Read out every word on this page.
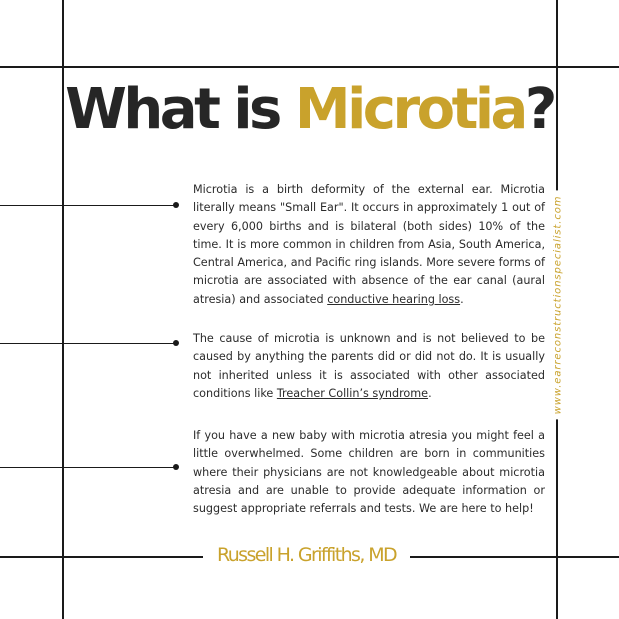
What is Microtia?

Microtia is a birth deformity of the external ear. Microtia literally means "Small Ear". It occurs in approximately 1 out of every 6,000 births and is bilateral (both sides) 10% of the time. It is more common in children from Asia, South America, Central America, and Pacific ring islands. More severe forms of microtia are associated with absence of the ear canal (aural atresia) and associated conductive hearing loss.

The cause of microtia is unknown and is not believed to be caused by anything the parents did or did not do. It is usually not inherited unless it is associated with other associated conditions like Treacher Collin’s syndrome.

If you have a new baby with microtia atresia you might feel a little overwhelmed. Some children are born in communities where their physicians are not knowledgeable about microtia atresia and are unable to provide adequate information or suggest appropriate referrals and tests. We are here to help!

www.earreconstructionspecialist.com
Russell H. Griffiths, MD
